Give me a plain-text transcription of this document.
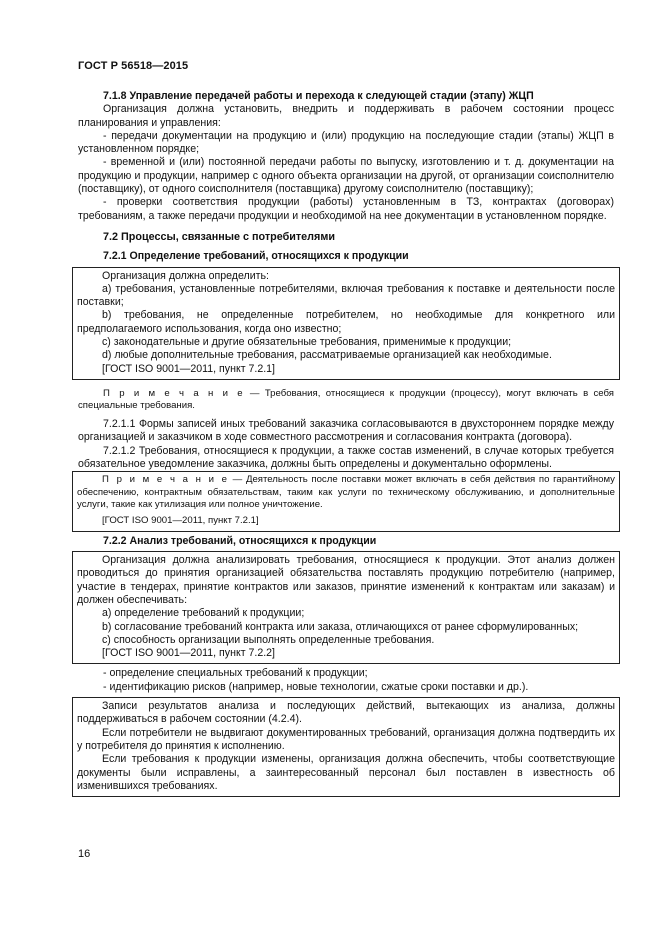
ГОСТ Р 56518—2015

7.1.8 Управление передачей работы и перехода к следующей стадии (этапу) ЖЦП

Организация должна установить, внедрить и поддерживать в рабочем состоянии процесс планирования и управления:

- передачи документации на продукцию и (или) продукцию на последующие стадии (этапы) ЖЦП в установленном порядке;

- временной и (или) постоянной передачи работы по выпуску, изготовлению и т. д. документации на продукцию и продукции, например с одного объекта организации на другой, от организации соисполнителю (поставщику), от одного соисполнителя (поставщика) другому соисполнителю (поставщику);

- проверки соответствия продукции (работы) установленным в ТЗ, контрактах (договорах) требованиям, а также передачи продукции и необходимой на нее документации в установленном порядке.

7.2 Процессы, связанные с потребителями

7.2.1 Определение требований, относящихся к продукции

Организация должна определить:

a) требования, установленные потребителями, включая требования к поставке и деятельности после поставки;

b) требования, не определенные потребителем, но необходимые для конкретного или предполагаемого использования, когда оно известно;

c) законодательные и другие обязательные требования, применимые к продукции;

d) любые дополнительные требования, рассматриваемые организацией как необходимые.

[ГОСТ ISO 9001—2011, пункт 7.2.1]

П р и м е ч а н и е — Требования, относящиеся к продукции (процессу), могут включать в себя специальные требования.

7.2.1.1 Формы записей иных требований заказчика согласовываются в двухстороннем порядке между организацией и заказчиком в ходе совместного рассмотрения и согласования контракта (договора).

7.2.1.2 Требования, относящиеся к продукции, а также состав изменений, в случае которых требуется обязательное уведомление заказчика, должны быть определены и документально оформлены.

П р и м е ч а н и е — Деятельность после поставки может включать в себя действия по гарантийному обеспечению, контрактным обязательствам, таким как услуги по техническому обслуживанию, и дополнительные услуги, такие как утилизация или полное уничтожение.

[ГОСТ ISO 9001—2011, пункт 7.2.1]

7.2.2 Анализ требований, относящихся к продукции

Организация должна анализировать требования, относящиеся к продукции. Этот анализ должен проводиться до принятия организацией обязательства поставлять продукцию потребителю (например, участие в тендерах, принятие контрактов или заказов, принятие изменений к контрактам или заказам) и должен обеспечивать:

a) определение требований к продукции;

b) согласование требований контракта или заказа, отличающихся от ранее сформулированных;

c) способность организации выполнять определенные требования.

[ГОСТ ISO 9001—2011, пункт 7.2.2]

- определение специальных требований к продукции;

- идентификацию рисков (например, новые технологии, сжатые сроки поставки и др.).

Записи результатов анализа и последующих действий, вытекающих из анализа, должны поддерживаться в рабочем состоянии (4.2.4).

Если потребители не выдвигают документированных требований, организация должна подтвердить их у потребителя до принятия к исполнению.

Если требования к продукции изменены, организация должна обеспечить, чтобы соответствующие документы были исправлены, а заинтересованный персонал был поставлен в известность об изменившихся требованиях.

16
